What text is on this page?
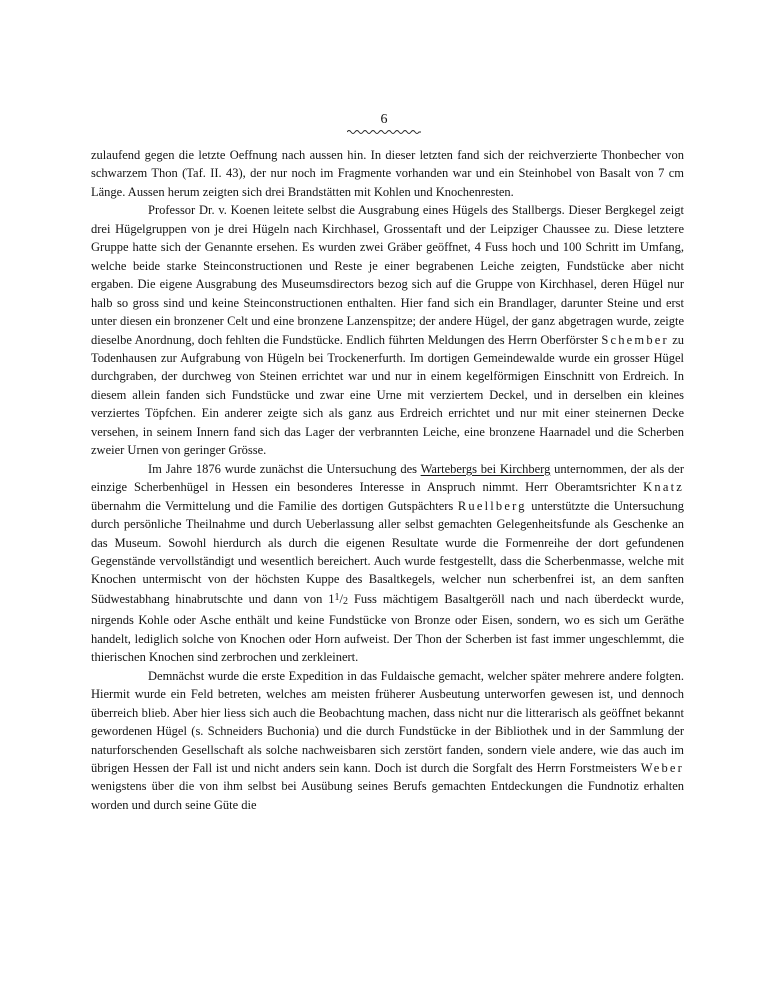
6

zulaufend gegen die letzte Oeffnung nach aussen hin. In dieser letzten fand sich der reichverzierte Thonbecher von schwarzem Thon (Taf. II. 43), der nur noch im Fragmente vorhanden war und ein Steinhobel von Basalt von 7 cm Länge. Aussen herum zeigten sich drei Brandstätten mit Kohlen und Knochenresten.

Professor Dr. v. Koenen leitete selbst die Ausgrabung eines Hügels des Stallbergs. Dieser Bergkegel zeigt drei Hügelgruppen von je drei Hügeln nach Kirchhasel, Grossentaft und der Leipziger Chaussee zu. Diese letztere Gruppe hatte sich der Genannte ersehen. Es wurden zwei Gräber geöffnet, 4 Fuss hoch und 100 Schritt im Umfang, welche beide starke Steinconstructionen und Reste je einer begrabenen Leiche zeigten, Fundstücke aber nicht ergaben. Die eigene Ausgrabung des Museumsdirectors bezog sich auf die Gruppe von Kirchhasel, deren Hügel nur halb so gross sind und keine Steinconstructionen enthalten. Hier fand sich ein Brandlager, darunter Steine und erst unter diesen ein bronzener Celt und eine bronzene Lanzenspitze; der andere Hügel, der ganz abgetragen wurde, zeigte dieselbe Anordnung, doch fehlten die Fundstücke. Endlich führten Meldungen des Herrn Oberförster Schember zu Todenhausen zur Aufgrabung von Hügeln bei Trockenerfurth. Im dortigen Gemeindewalde wurde ein grosser Hügel durchgraben, der durchweg von Steinen errichtet war und nur in einem kegelförmigen Einschnitt von Erdreich. In diesem allein fanden sich Fundstücke und zwar eine Urne mit verziertem Deckel, und in derselben ein kleines verziertes Töpfchen. Ein anderer zeigte sich als ganz aus Erdreich errichtet und nur mit einer steinernen Decke versehen, in seinem Innern fand sich das Lager der verbrannten Leiche, eine bronzene Haarnadel und die Scherben zweier Urnen von geringer Grösse.

Im Jahre 1876 wurde zunächst die Untersuchung des Wartebergs bei Kirchberg unternommen, der als der einzige Scherbenhügel in Hessen ein besonderes Interesse in Anspruch nimmt. Herr Oberamtsrichter Knatz übernahm die Vermittelung und die Familie des dortigen Gutspächters Ruellberg unterstützte die Untersuchung durch persönliche Theilnahme und durch Ueberlassung aller selbst gemachten Gelegenheitsfunde als Geschenke an das Museum. Sowohl hierdurch als durch die eigenen Resultate wurde die Formenreihe der dort gefundenen Gegenstände vervollständigt und wesentlich bereichert. Auch wurde festgestellt, dass die Scherbenmasse, welche mit Knochen untermischt von der höchsten Kuppe des Basaltkegels, welcher nun scherbenfrei ist, an dem sanften Südwestabhang hinabrutschte und dann von $1^1/2$ Fuss mächtigem Basaltgeröll nach und nach überdeckt wurde, nirgends Kohle oder Asche enthält und keine Fundstücke von Bronze oder Eisen, sondern, wo es sich um Geräthe handelt, lediglich solche von Knochen oder Horn aufweist. Der Thon der Scherben ist fast immer ungeschlemmt, die thierischen Knochen sind zerbrochen und zerkleinert.

Demnächst wurde die erste Expedition in das Fuldaische gemacht, welcher später mehrere andere folgten. Hiermit wurde ein Feld betreten, welches am meisten früherer Ausbeutung unterworfen gewesen ist, und dennoch überreich blieb. Aber hier liess sich auch die Beobachtung machen, dass nicht nur die litterarisch als geöffnet bekannt gewordenen Hügel (s. Schneiders Buchonia) und die durch Fundstücke in der Bibliothek und in der Sammlung der naturforschenden Gesellschaft als solche nachweisbaren sich zerstört fanden, sondern viele andere, wie das auch im übrigen Hessen der Fall ist und nicht anders sein kann. Doch ist durch die Sorgfalt des Herrn Forstmeisters Weber wenigstens über die von ihm selbst bei Ausübung seines Berufs gemachten Entdeckungen die Fundnotiz erhalten worden und durch seine Güte die
